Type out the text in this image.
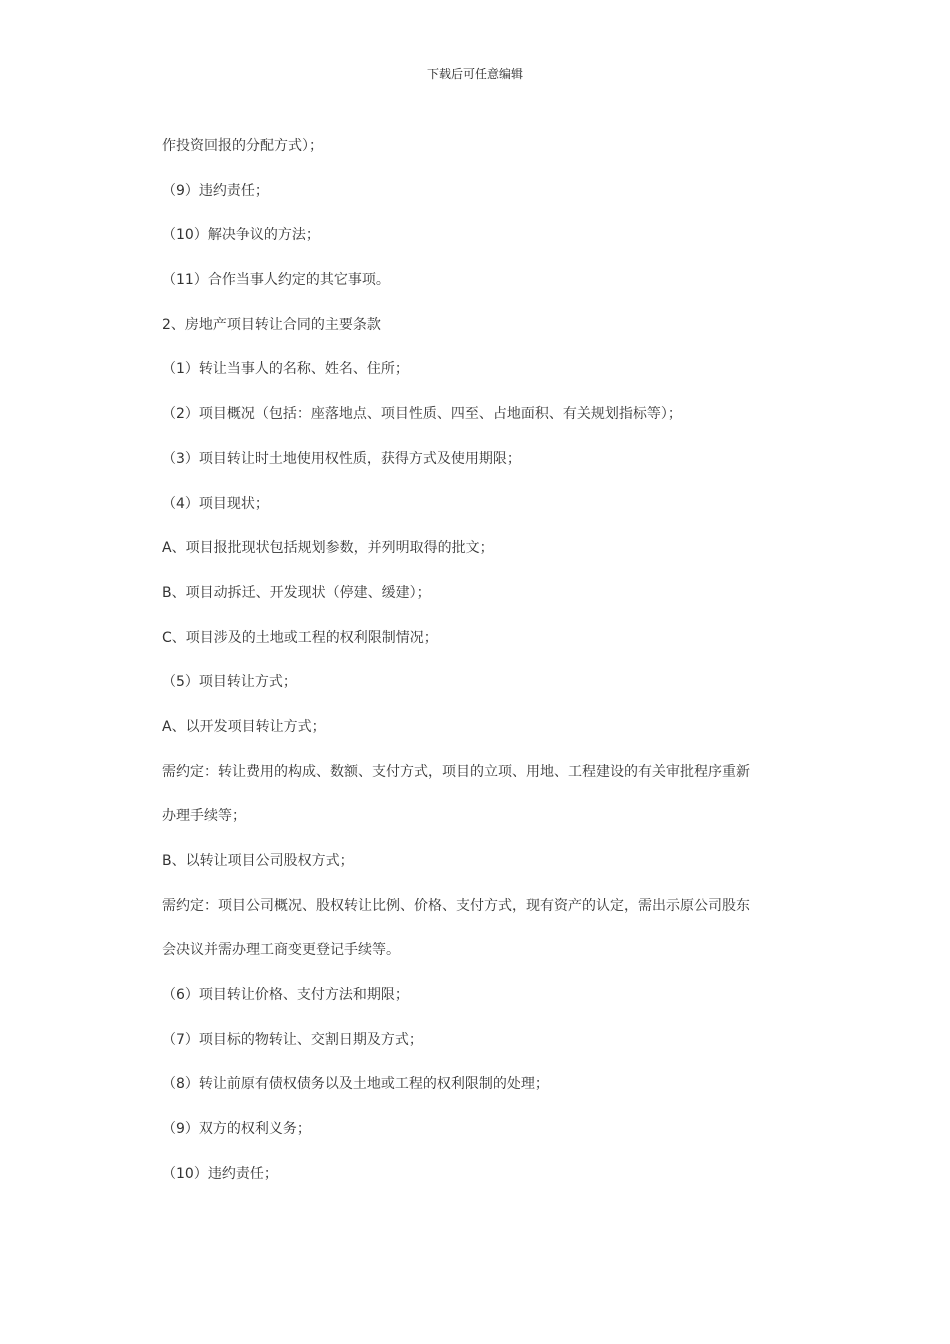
下载后可任意编辑

作投资回报的分配方式）；

（9）违约责任；

（10）解决争议的方法；

（11）合作当事人约定的其它事项。

2、房地产项目转让合同的主要条款

（1）转让当事人的名称、姓名、住所；

（2）项目概况（包括：座落地点、项目性质、四至、占地面积、有关规划指标等）；

（3）项目转让时土地使用权性质，获得方式及使用期限；

（4）项目现状；

A、项目报批现状包括规划参数，并列明取得的批文；

B、项目动拆迁、开发现状（停建、缓建）；

C、项目涉及的土地或工程的权利限制情况；

（5）项目转让方式；

A、以开发项目转让方式；

需约定：转让费用的构成、数额、支付方式，项目的立项、用地、工程建设的有关审批程序重新

办理手续等；

B、以转让项目公司股权方式；

需约定：项目公司概况、股权转让比例、价格、支付方式，现有资产的认定，需出示原公司股东

会决议并需办理工商变更登记手续等。

（6）项目转让价格、支付方法和期限；

（7）项目标的物转让、交割日期及方式；

（8）转让前原有债权债务以及土地或工程的权利限制的处理；

（9）双方的权利义务；

（10）违约责任；
